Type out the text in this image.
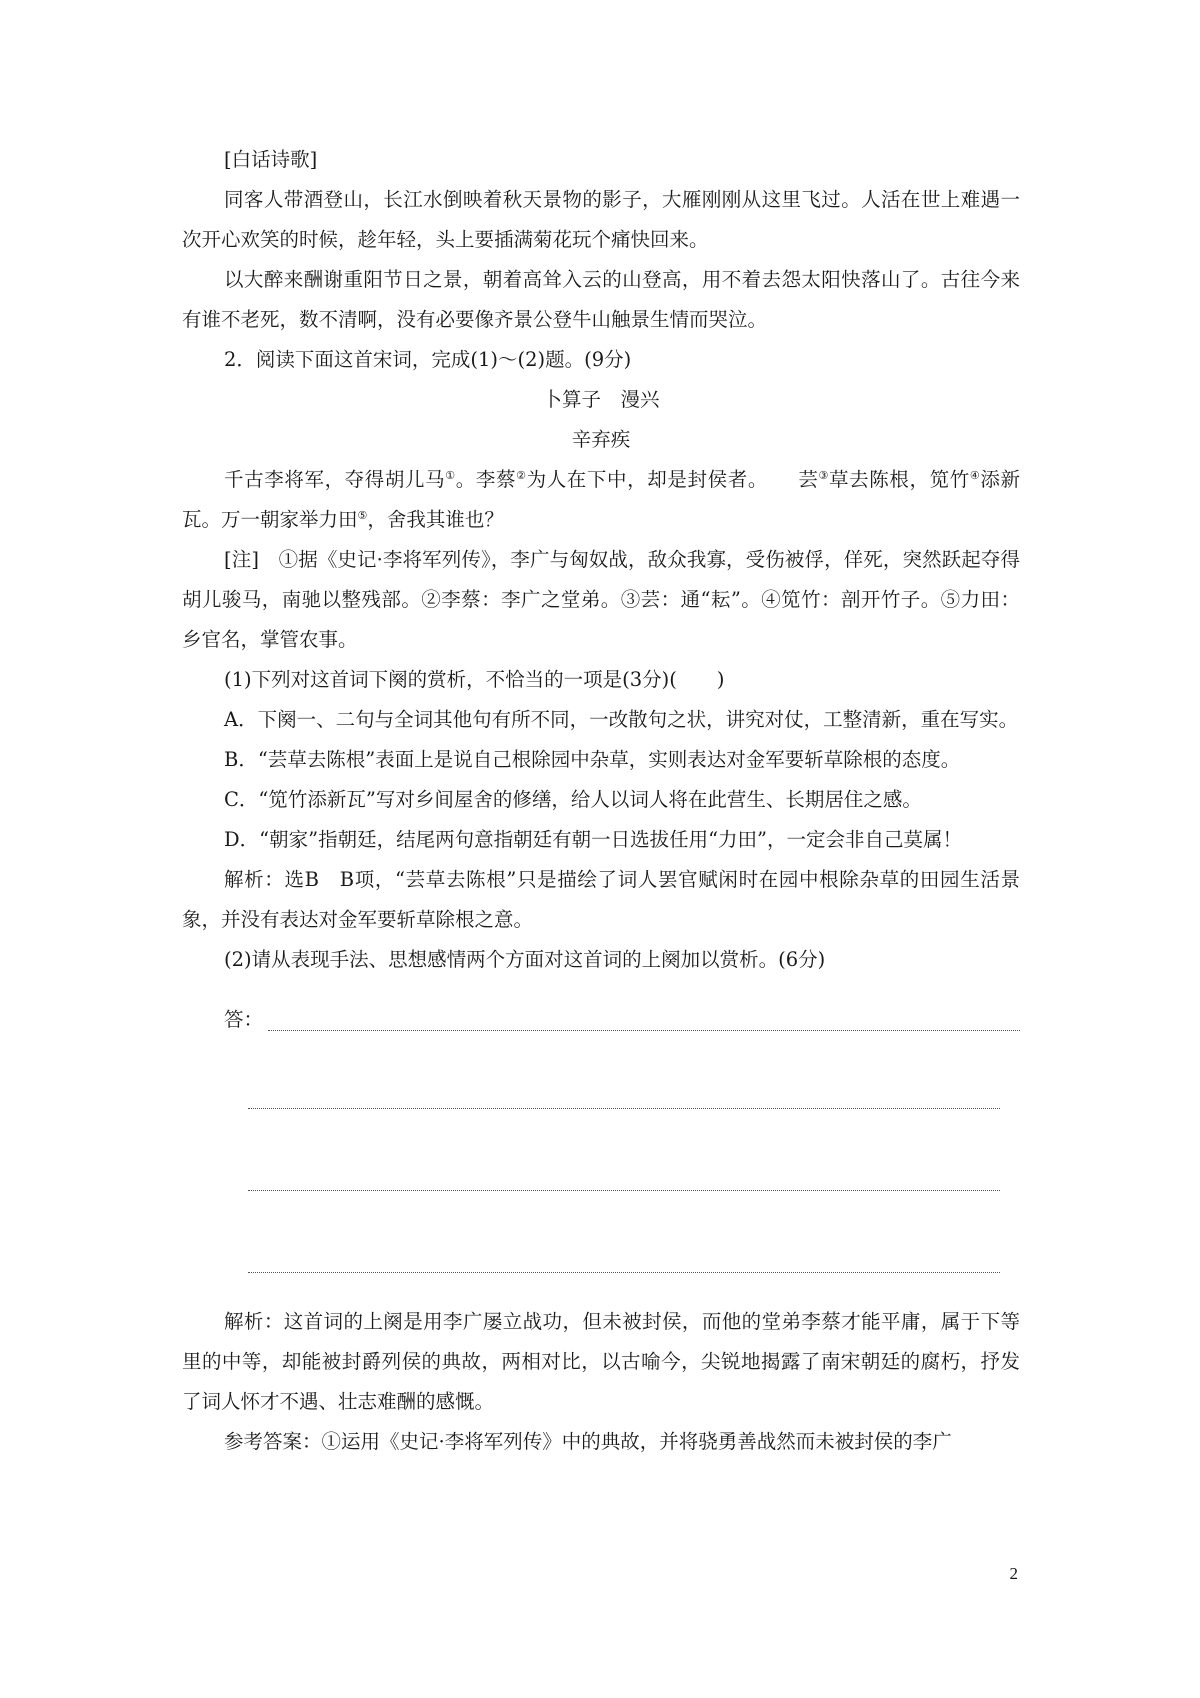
[白话诗歌]

同客人带酒登山，长江水倒映着秋天景物的影子，大雁刚刚从这里飞过。人活在世上难遇一次开心欢笑的时候，趁年轻，头上要插满菊花玩个痛快回来。

以大醉来酬谢重阳节日之景，朝着高耸入云的山登高，用不着去怨太阳快落山了。古往今来有谁不老死，数不清啊，没有必要像齐景公登牛山触景生情而哭泣。

2．阅读下面这首宋词，完成(1)～(2)题。(9分)

卜算子　漫兴

辛弃疾

千古李将军，夺得胡儿马①。李蔡②为人在下中，却是封侯者。　　芸③草去陈根，笕竹④添新瓦。万一朝家举力田⑤，舍我其谁也？

[注]　①据《史记·李将军列传》，李广与匈奴战，敌众我寡，受伤被俘，佯死，突然跃起夺得胡儿骏马，南驰以整残部。②李蔡：李广之堂弟。③芸：通“耘”。④笕竹：剖开竹子。⑤力田：乡官名，掌管农事。

(1)下列对这首词下阕的赏析，不恰当的一项是(3分)( )

A．下阕一、二句与全词其他句有所不同，一改散句之状，讲究对仗，工整清新，重在写实。

B．“芸草去陈根”表面上是说自己根除园中杂草，实则表达对金军要斩草除根的态度。

C．“笕竹添新瓦”写对乡间屋舍的修缮，给人以词人将在此营生、长期居住之感。

D．“朝家”指朝廷，结尾两句意指朝廷有朝一日选拔任用“力田”，一定会非自己莫属！

解析：选B　B项，“芸草去陈根”只是描绘了词人罢官赋闲时在园中根除杂草的田园生活景象，并没有表达对金军要斩草除根之意。

(2)请从表现手法、思想感情两个方面对这首词的上阕加以赏析。(6分)

答：

解析：这首词的上阕是用李广屡立战功，但未被封侯，而他的堂弟李蔡才能平庸，属于下等里的中等，却能被封爵列侯的典故，两相对比，以古喻今，尖锐地揭露了南宋朝廷的腐朽，抒发了词人怀才不遇、壮志难酬的感慨。

参考答案：①运用《史记·李将军列传》中的典故，并将骁勇善战然而未被封侯的李广

2
